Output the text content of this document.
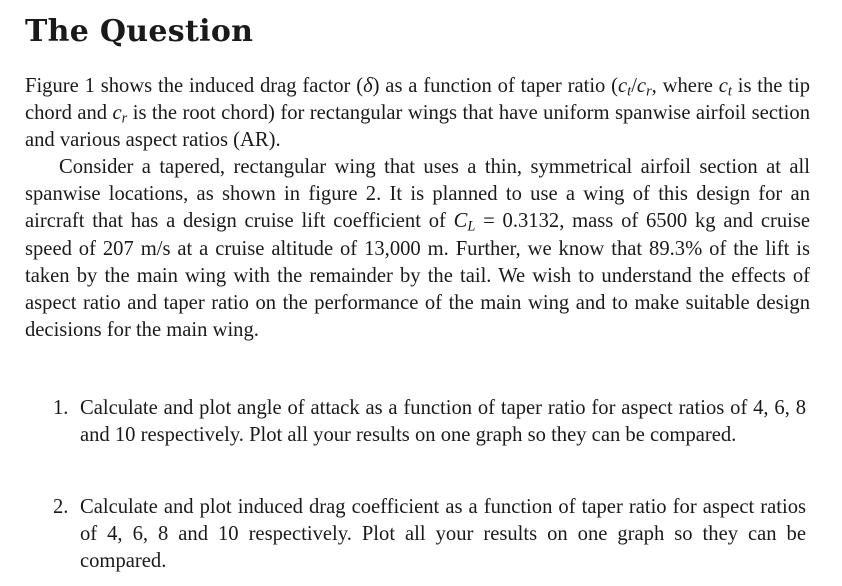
The Question

Figure 1 shows the induced drag factor (δ) as a function of taper ratio ($c_t/c_r$, where $c_t$ is the tip chord and $c_r$ is the root chord) for rectangular wings that have uniform spanwise airfoil section and various aspect ratios (AR).

Consider a tapered, rectangular wing that uses a thin, symmetrical airfoil section at all spanwise locations, as shown in figure 2. It is planned to use a wing of this design for an aircraft that has a design cruise lift coefficient of $C_L = 0.3132$, mass of 6500 kg and cruise speed of 207 m/s at a cruise altitude of 13,000 m. Further, we know that 89.3% of the lift is taken by the main wing with the remainder by the tail. We wish to understand the effects of aspect ratio and taper ratio on the performance of the main wing and to make suitable design decisions for the main wing.

1. Calculate and plot angle of attack as a function of taper ratio for aspect ratios of 4, 6, 8 and 10 respectively. Plot all your results on one graph so they can be compared.

2. Calculate and plot induced drag coefficient as a function of taper ratio for aspect ratios of 4, 6, 8 and 10 respectively. Plot all your results on one graph so they can be compared.
